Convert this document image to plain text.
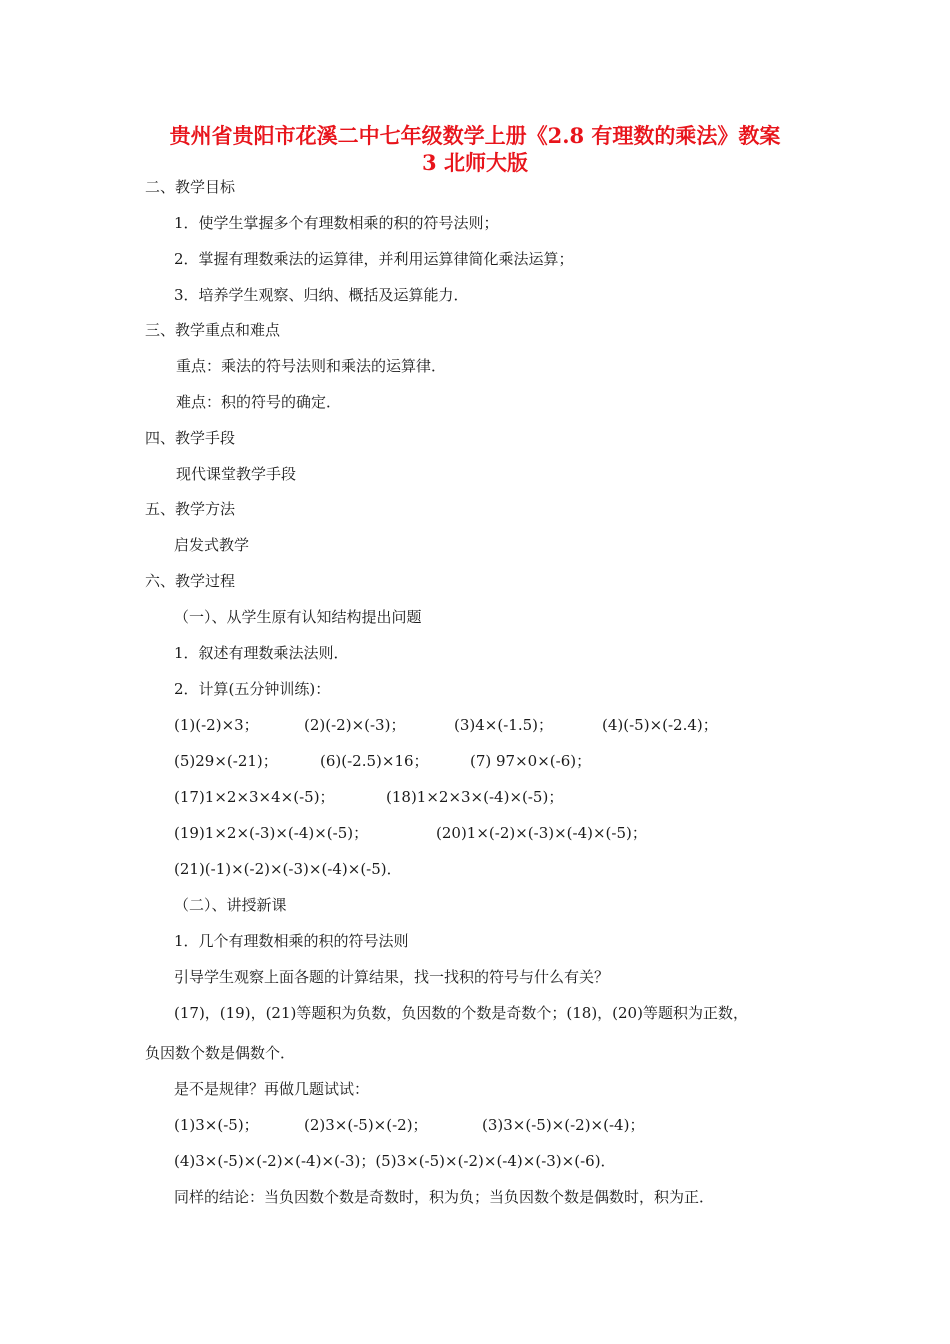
贵州省贵阳市花溪二中七年级数学上册《2.8 有理数的乘法》教案
3 北师大版
二、教学目标
1．使学生掌握多个有理数相乘的积的符号法则；
2．掌握有理数乘法的运算律，并利用运算律简化乘法运算；
3．培养学生观察、归纳、概括及运算能力．
三、教学重点和难点
重点：乘法的符号法则和乘法的运算律．
难点：积的符号的确定．
四、教学手段
现代课堂教学手段
五、教学方法
启发式教学
六、教学过程
（一）、从学生原有认知结构提出问题
1．叙述有理数乘法法则．
2．计算(五分钟训练)：
(1)(-2)×3；	(2)(-2)×(-3)；	(3)4×(-1.5)；	(4)(-5)×(-2.4)；
(5)29×(-21)；	(6)(-2.5)×16；	(7) 97×0×(-6)；
(17)1×2×3×4×(-5)；	(18)1×2×3×(-4)×(-5)；
(19)1×2×(-3)×(-4)×(-5)；	(20)1×(-2)×(-3)×(-4)×(-5)；
(21)(-1)×(-2)×(-3)×(-4)×(-5)．
（二）、讲授新课
1．几个有理数相乘的积的符号法则
引导学生观察上面各题的计算结果，找一找积的符号与什么有关？
(17)，(19)，(21)等题积为负数，负因数的个数是奇数个；(18)，(20)等题积为正数，
负因数个数是偶数个．
是不是规律？再做几题试试：
(1)3×(-5)；	(2)3×(-5)×(-2)；	(3)3×(-5)×(-2)×(-4)；
(4)3×(-5)×(-2)×(-4)×(-3)；(5)3×(-5)×(-2)×(-4)×(-3)×(-6)．
同样的结论：当负因数个数是奇数时，积为负；当负因数个数是偶数时，积为正．
